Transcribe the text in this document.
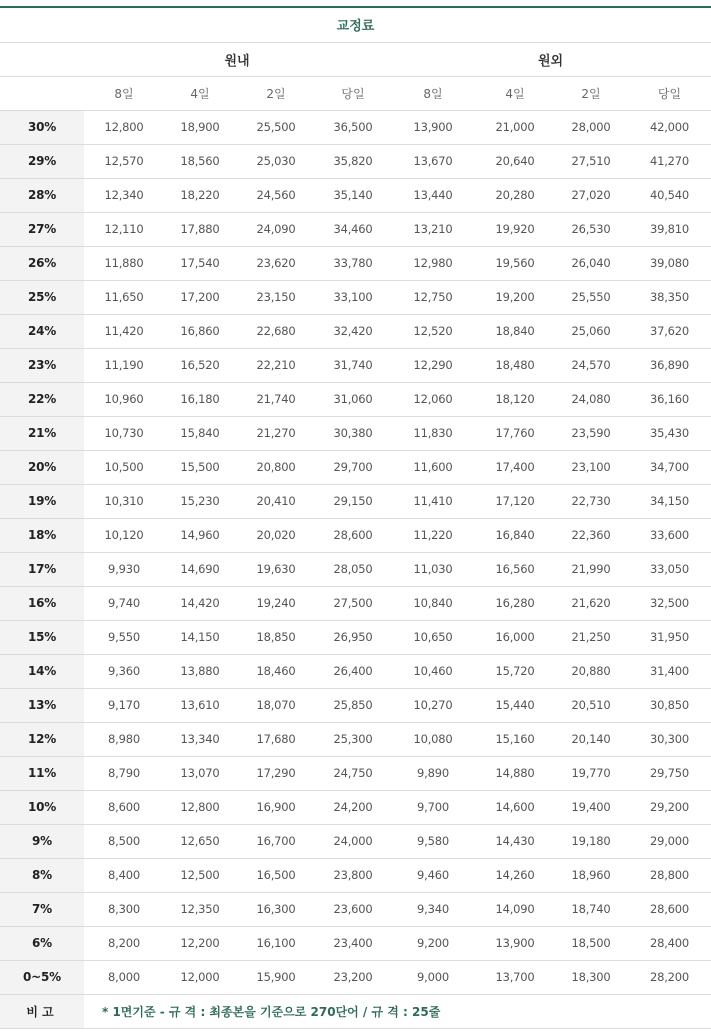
교정료								
	원내				원외			
	8일	4일	2일	당일	8일	4일	2일	당일
30%	12,800	18,900	25,500	36,500	13,900	21,000	28,000	42,000
29%	12,570	18,560	25,030	35,820	13,670	20,640	27,510	41,270
28%	12,340	18,220	24,560	35,140	13,440	20,280	27,020	40,540
27%	12,110	17,880	24,090	34,460	13,210	19,920	26,530	39,810
26%	11,880	17,540	23,620	33,780	12,980	19,560	26,040	39,080
25%	11,650	17,200	23,150	33,100	12,750	19,200	25,550	38,350
24%	11,420	16,860	22,680	32,420	12,520	18,840	25,060	37,620
23%	11,190	16,520	22,210	31,740	12,290	18,480	24,570	36,890
22%	10,960	16,180	21,740	31,060	12,060	18,120	24,080	36,160
21%	10,730	15,840	21,270	30,380	11,830	17,760	23,590	35,430
20%	10,500	15,500	20,800	29,700	11,600	17,400	23,100	34,700
19%	10,310	15,230	20,410	29,150	11,410	17,120	22,730	34,150
18%	10,120	14,960	20,020	28,600	11,220	16,840	22,360	33,600
17%	9,930	14,690	19,630	28,050	11,030	16,560	21,990	33,050
16%	9,740	14,420	19,240	27,500	10,840	16,280	21,620	32,500
15%	9,550	14,150	18,850	26,950	10,650	16,000	21,250	31,950
14%	9,360	13,880	18,460	26,400	10,460	15,720	20,880	31,400
13%	9,170	13,610	18,070	25,850	10,270	15,440	20,510	30,850
12%	8,980	13,340	17,680	25,300	10,080	15,160	20,140	30,300
11%	8,790	13,070	17,290	24,750	9,890	14,880	19,770	29,750
10%	8,600	12,800	16,900	24,200	9,700	14,600	19,400	29,200
9%	8,500	12,650	16,700	24,000	9,580	14,430	19,180	29,000
8%	8,400	12,500	16,500	23,800	9,460	14,260	18,960	28,800
7%	8,300	12,350	16,300	23,600	9,340	14,090	18,740	28,600
6%	8,200	12,200	16,100	23,400	9,200	13,900	18,500	28,400
0~5%	8,000	12,000	15,900	23,200	9,000	13,700	18,300	28,200
비고	* 1면기준 - 규 격 : 최종본을 기준으로 270단어 / 규 격 : 25줄							
